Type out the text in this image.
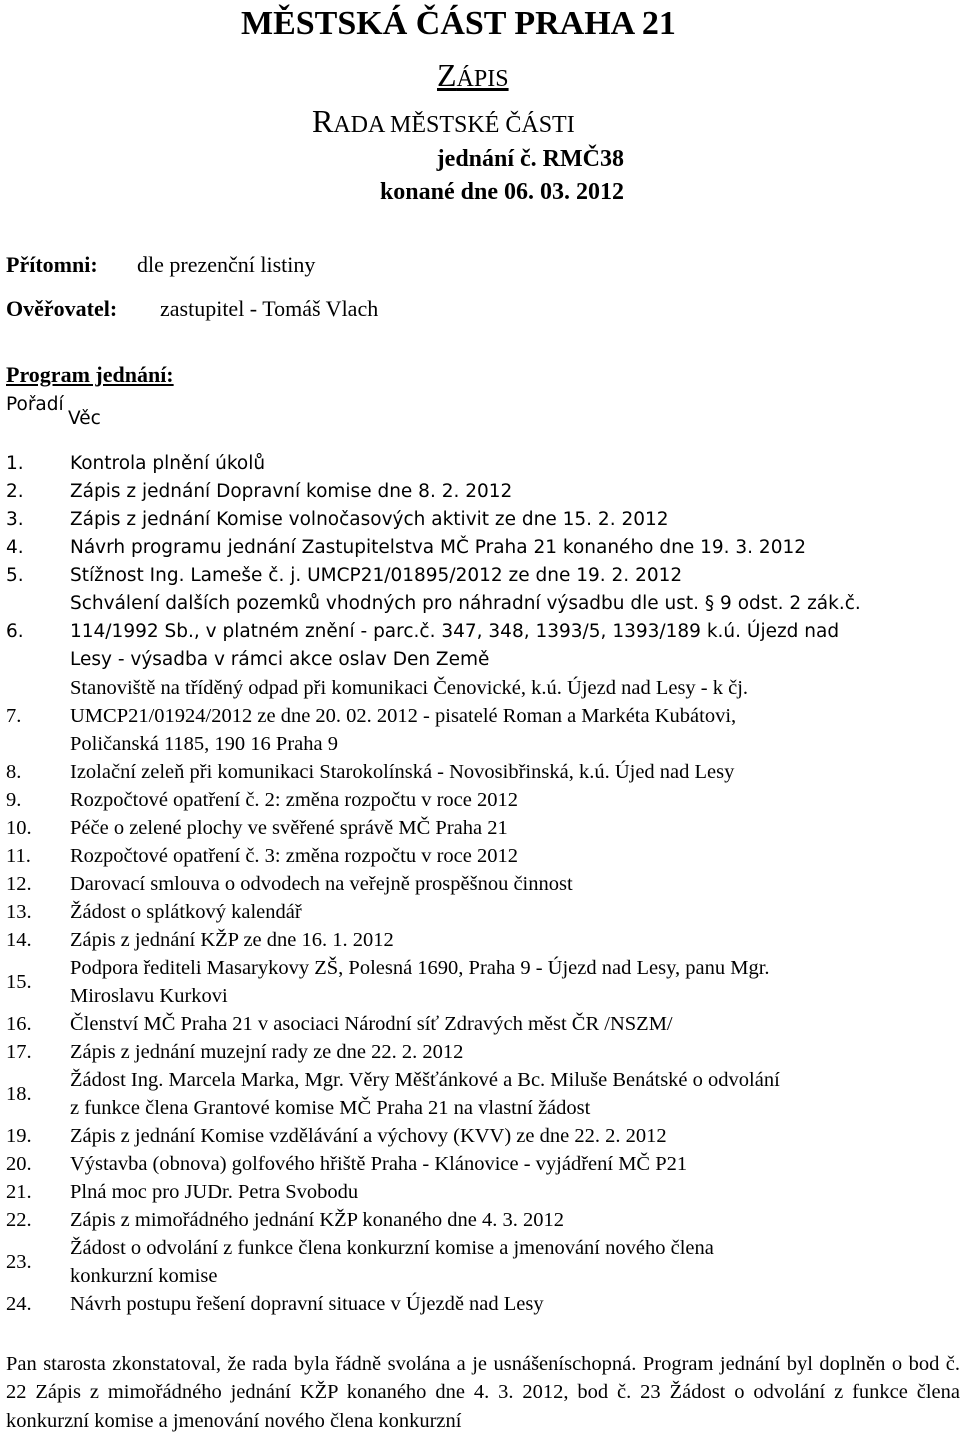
MĚSTSKÁ ČÁST PRAHA 21
ZÁPIS
RADA MĚSTSKÉ ČÁSTI
jednání č. RMČ38
konané dne 06. 03. 2012
Přítomni: dle prezenční listiny
Ověřovatel: zastupitel - Tomáš Vlach
Program jednání:
Pořadí
Věc
1.	Kontrola plnění úkolů
2.	Zápis z jednání Dopravní komise dne 8. 2. 2012
3.	Zápis z jednání Komise volnočasových aktivit ze dne 15. 2. 2012
4.	Návrh programu jednání Zastupitelstva MČ Praha 21 konaného dne 19. 3. 2012
5.	Stížnost Ing. Lameše č. j. UMCP21/01895/2012 ze dne 19. 2. 2012
6.
Schválení dalších pozemků vhodných pro náhradní výsadbu dle ust. § 9 odst. 2 zák.č.
114/1992 Sb., v platném znění - parc.č. 347, 348, 1393/5, 1393/189 k.ú. Újezd nad
Lesy - výsadba v rámci akce oslav Den Země
7.
Stanoviště na tříděný odpad při komunikaci Čenovické, k.ú. Újezd nad Lesy - k čj.
UMCP21/01924/2012 ze dne 20. 02. 2012 - pisatelé Roman a Markéta Kubátovi,
Poličanská 1185, 190 16 Praha 9
8.	Izolační zeleň při komunikaci Starokolínská - Novosibřinská, k.ú. Újed nad Lesy
9.	Rozpočtové opatření č. 2: změna rozpočtu v roce 2012
10.	Péče o zelené plochy ve svěřené správě MČ Praha 21
11.	Rozpočtové opatření č. 3: změna rozpočtu v roce 2012
12.	Darovací smlouva o odvodech na veřejně prospěšnou činnost
13.	Žádost o splátkový kalendář
14.	Zápis z jednání KŽP ze dne 16. 1. 2012
15.
Podpora řediteli Masarykovy ZŠ, Polesná 1690, Praha 9 - Újezd nad Lesy, panu Mgr.
Miroslavu Kurkovi
16.	Členství MČ Praha 21 v asociaci Národní síť Zdravých měst ČR /NSZM/
17.	Zápis z jednání muzejní rady ze dne 22. 2. 2012
18.
Žádost Ing. Marcela Marka, Mgr. Věry Měšťánkové a Bc. Miluše Benátské o odvolání
z funkce člena Grantové komise MČ Praha 21 na vlastní žádost
19.	Zápis z jednání Komise vzdělávání a výchovy (KVV) ze dne 22. 2. 2012
20.	Výstavba (obnova) golfového hřiště Praha - Klánovice - vyjádření MČ P21
21.	Plná moc pro JUDr. Petra Svobodu
22.	Zápis z mimořádného jednání KŽP konaného dne 4. 3. 2012
23.
Žádost o odvolání z funkce člena konkurzní komise a jmenování nového člena
konkurzní komise
24.	Návrh postupu řešení dopravní situace v Újezdě nad Lesy
Pan starosta zkonstatoval, že rada byla řádně svolána a je usnášeníschopná. Program jednání byl doplněn o bod č. 22 Zápis z mimořádného jednání KŽP konaného dne 4. 3. 2012, bod č. 23 Žádost o odvolání z funkce člena konkurzní komise a jmenování nového člena konkurzní
